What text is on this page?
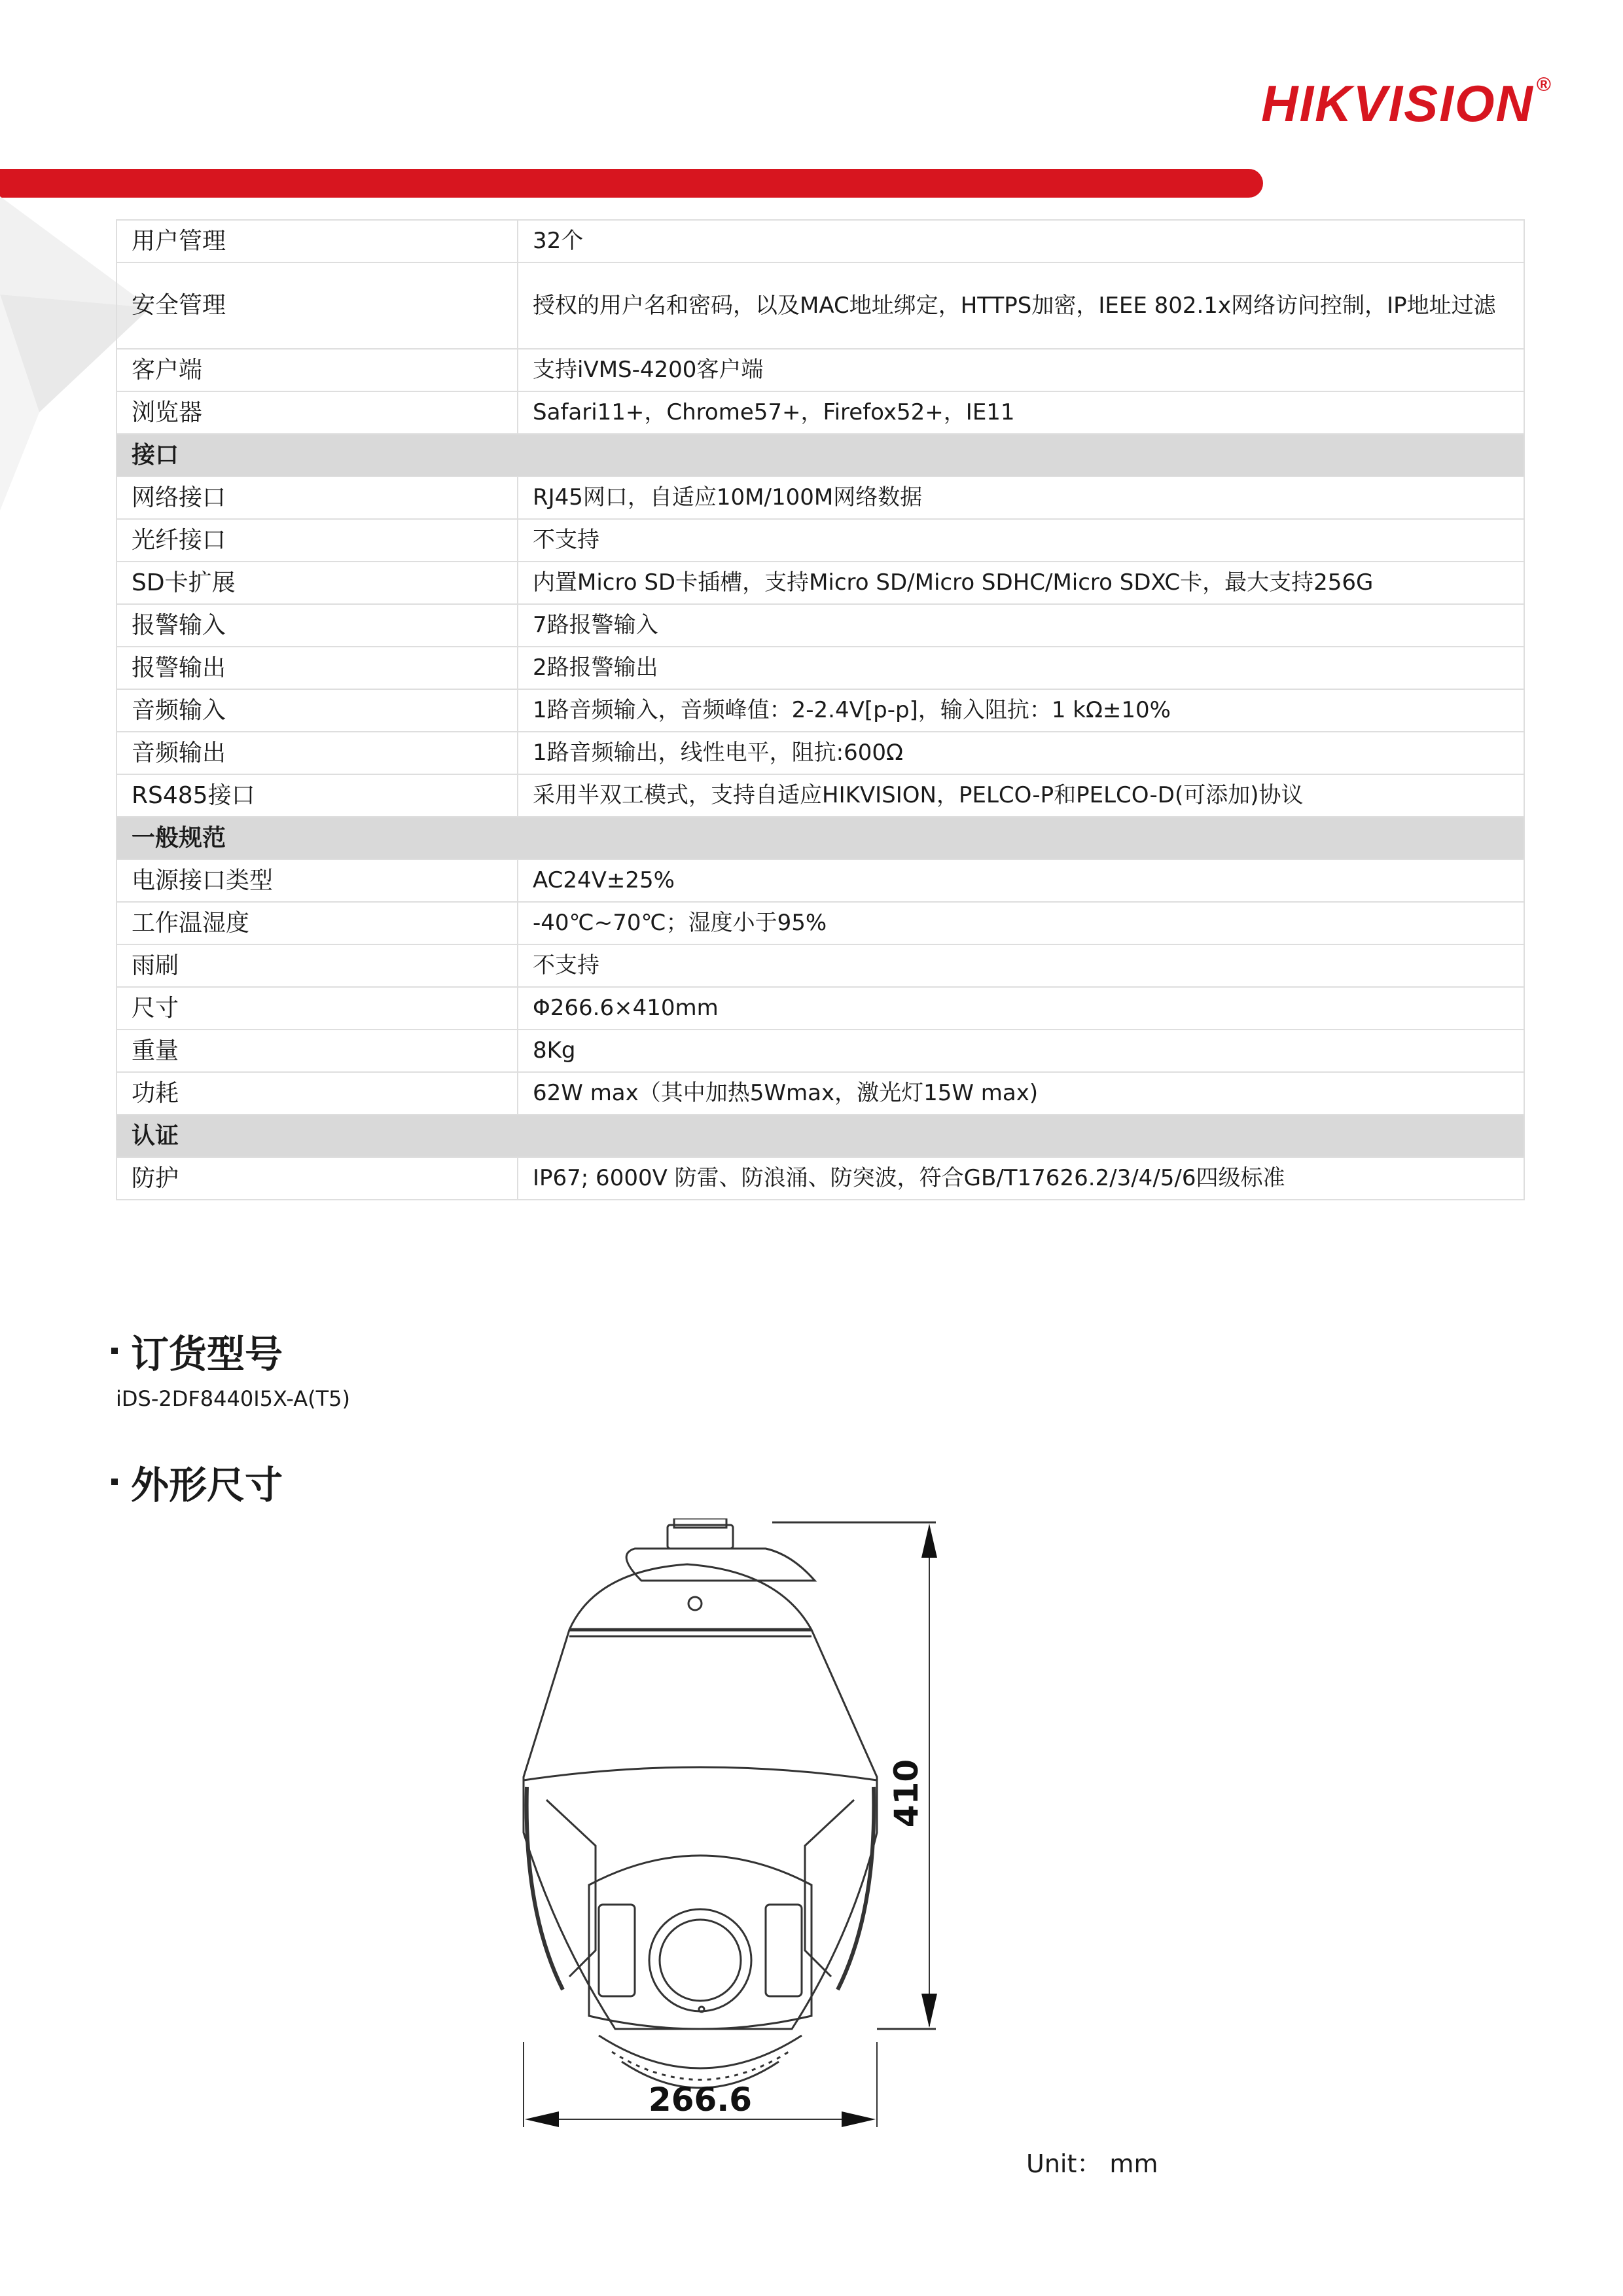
HIKVISION ®
用户管理	32个
安全管理	授权的用户名和密码，以及MAC地址绑定，HTTPS加密，IEEE 802.1x网络访问控制，IP地址过滤
客户端	支持iVMS-4200客户端
浏览器	Safari11+，Chrome57+，Firefox52+，IE11
接口	
网络接口	RJ45网口，自适应10M/100M网络数据
光纤接口	不支持
SD卡扩展	内置Micro SD卡插槽，支持Micro SD/Micro SDHC/Micro SDXC卡，最大支持256G
报警输入	7路报警输入
报警输出	2路报警输出
音频输入	1路音频输入，音频峰值：2-2.4V[p-p]，输入阻抗：1 kΩ±10%
音频输出	1路音频输出，线性电平，阻抗:600Ω
RS485接口	采用半双工模式，支持自适应HIKVISION，PELCO-P和PELCO-D(可添加)协议
一般规范	
电源接口类型	AC24V±25%
工作温湿度	-40℃~70℃；湿度小于95%
雨刷	不支持
尺寸	Φ266.6×410mm
重量	8Kg
功耗	62W max（其中加热5Wmax，激光灯15W max)
认证	
防护	IP67; 6000V 防雷、防浪涌、防突波，符合GB/T17626.2/3/4/5/6四级标准
订货型号
iDS-2DF8440I5X-A(T5)
外形尺寸
410
266.6
Unit： mm
